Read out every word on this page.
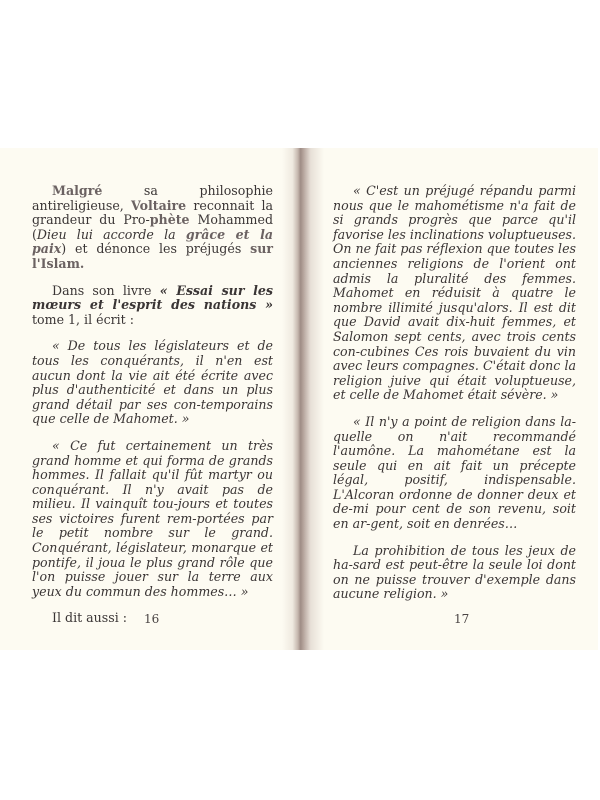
Malgré sa philosophie antireligieuse, Voltaire reconnait la grandeur du Pro-phète Mohammed (Dieu lui accorde la grâce et la paix) et dénonce les préjugés sur l'Islam.

Dans son livre « Essai sur les mœurs et l'esprit des nations » tome 1, il écrit :

« De tous les législateurs et de tous les conquérants, il n'en est aucun dont la vie ait été écrite avec plus d'authenticité et dans un plus grand détail par ses con-temporains que celle de Mahomet. »

« Ce fut certainement un très grand homme et qui forma de grands hommes. Il fallait qu'il fût martyr ou conquérant. Il n'y avait pas de milieu. Il vainquît tou-jours et toutes ses victoires furent rem-portées par le petit nombre sur le grand. Conquérant, législateur, monarque et pontife, il joua le plus grand rôle que l'on puisse jouer sur la terre aux yeux du commun des hommes… »

Il dit aussi :	16

« C'est un préjugé répandu parmi nous que le mahométisme n'a fait de si grands progrès que parce qu'il favorise les inclinations voluptueuses. On ne fait pas réflexion que toutes les anciennes religions de l'orient ont admis la pluralité des femmes. Mahomet en réduisit à quatre le nombre illimité jusqu'alors. Il est dit que David avait dix-huit femmes, et Salomon sept cents, avec trois cents con-cubines Ces rois buvaient du vin avec leurs compagnes. C'était donc la religion juive qui était voluptueuse, et celle de Mahomet était sévère. »

« Il n'y a point de religion dans la-quelle on n'ait recommandé l'aumône. La mahométane est la seule qui en ait fait un précepte légal, positif, indispensable. L'Alcoran ordonne de donner deux et de-mi pour cent de son revenu, soit en ar-gent, soit en denrées…

La prohibition de tous les jeux de ha-sard est peut-être la seule loi dont on ne puisse trouver d'exemple dans aucune religion. »

17
